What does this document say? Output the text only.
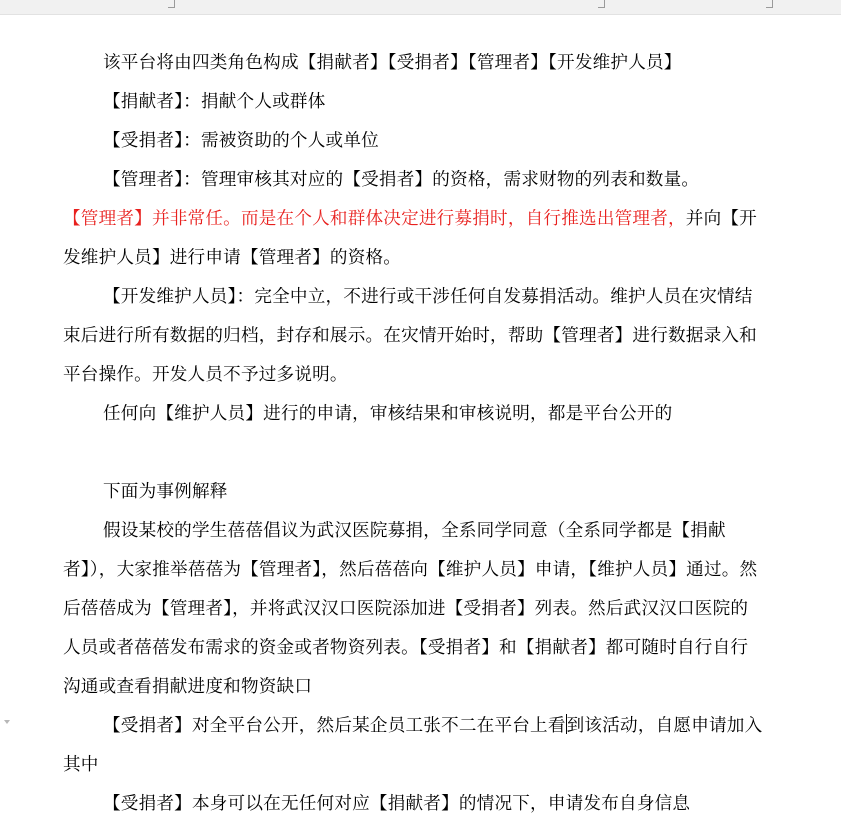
该平台将由四类角色构成【捐献者】【受捐者】【管理者】【开发维护人员】

【捐献者】：捐献个人或群体

【受捐者】：需被资助的个人或单位

【管理者】：管理审核其对应的【受捐者】的资格，需求财物的列表和数量。

【管理者】并非常任。而是在个人和群体决定进行募捐时，自行推选出管理者，并向【开发维护人员】进行申请【管理者】的资格。

【开发维护人员】：完全中立，不进行或干涉任何自发募捐活动。维护人员在灾情结束后进行所有数据的归档，封存和展示。在灾情开始时，帮助【管理者】进行数据录入和平台操作。开发人员不予过多说明。

任何向【维护人员】进行的申请，审核结果和审核说明，都是平台公开的

下面为事例解释

假设某校的学生蓓蓓倡议为武汉医院募捐，全系同学同意（全系同学都是【捐献者】），大家推举蓓蓓为【管理者】，然后蓓蓓向【维护人员】申请，【维护人员】通过。然后蓓蓓成为【管理者】，并将武汉汉口医院添加进【受捐者】列表。然后武汉汉口医院的人员或者蓓蓓发布需求的资金或者物资列表。【受捐者】和【捐献者】都可随时自行自行沟通或查看捐献进度和物资缺口

【受捐者】对全平台公开，然后某企员工张不二在平台上看到该活动，自愿申请加入其中

【受捐者】本身可以在无任何对应【捐献者】的情况下，申请发布自身信息
